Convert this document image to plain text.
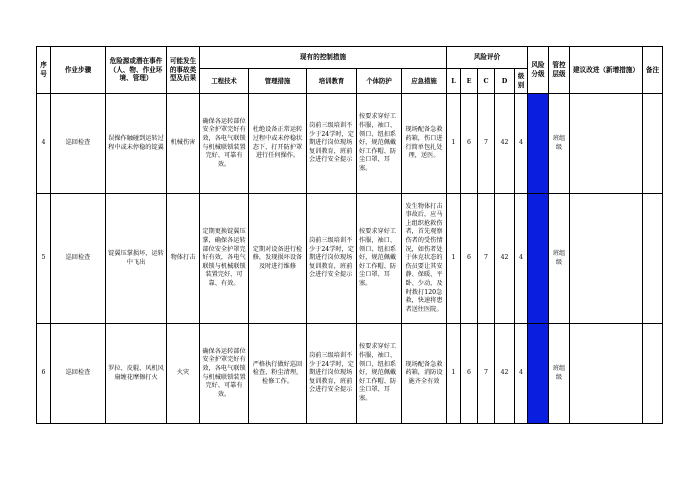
序号	作业步骤	危险源或潜在事件（人、物、作业环境、管理）	可能发生的事故类型及后果	现有的控制措施					风险评价					风险分级	管控层级	建议改进（新增措施）	备注
				工程技术	管理措施	培训教育	个体防护	应急措施	L	E	C	D	级别				
4	巡回检查	误操作触碰到运转过程中或未停稳的锭翼	机械伤害	确保各运转部位安全护罩完好有效，各电气联锁与机械联锁装置完好、可靠有效。	杜绝设备正常运转过程中或未停稳状态下，打开防护罩进行任何操作。	岗前三级培训不少于24学时，定期进行岗位现场复训教育，班前会进行安全提示	按要求穿好工作服，袖口、领口、纽扣系好，规范佩戴好工作帽、防尘口罩、耳塞。	现场配备急救药箱，伤口进行简单包扎处理，送医。	1	6	7	42	4	蓝	班组级		
5	巡回检查	锭翼压掌损坏，运转中飞出	物体打击	定期更换锭翼压掌，确保各运转部位安全护罩完好有效，各电气联锁与机械联锁装置完好、可靠、有效。	定期对设备进行检修，发现损坏设备及时进行维修	岗前三级培训不少于24学时，定期进行岗位现场复训教育，班前会进行安全提示	按要求穿好工作服，袖口、领口、纽扣系好，规范佩戴好工作帽、防尘口罩、耳塞。	发生物体打击事故后，应马上组织抢救伤者，首先观察伤者的受伤情况，如伤者处于休克状态的伤员要让其安静、保暖、平卧、少动，及时拨打120急救，快速将患者送往医院。	1	6	7	42	4	蓝	班组级		
6	巡回检查	罗拉、皮辊、风机风扇缠花摩擦打火	火灾	确保各运转部位安全护罩完好有效，各电气联锁与机械联锁装置完好、可靠有效。	严格执行做好巡回检查，粉尘清理，检修工作。	岗前三级培训不少于24学时，定期进行岗位现场复训教育，班前会进行安全提示	按要求穿好工作服，袖口、领口、纽扣系好，规范佩戴好工作帽、防尘口罩、耳塞。	现场配备急救药箱，消防设施齐全有效	1	6	7	42	4	蓝	班组级		
